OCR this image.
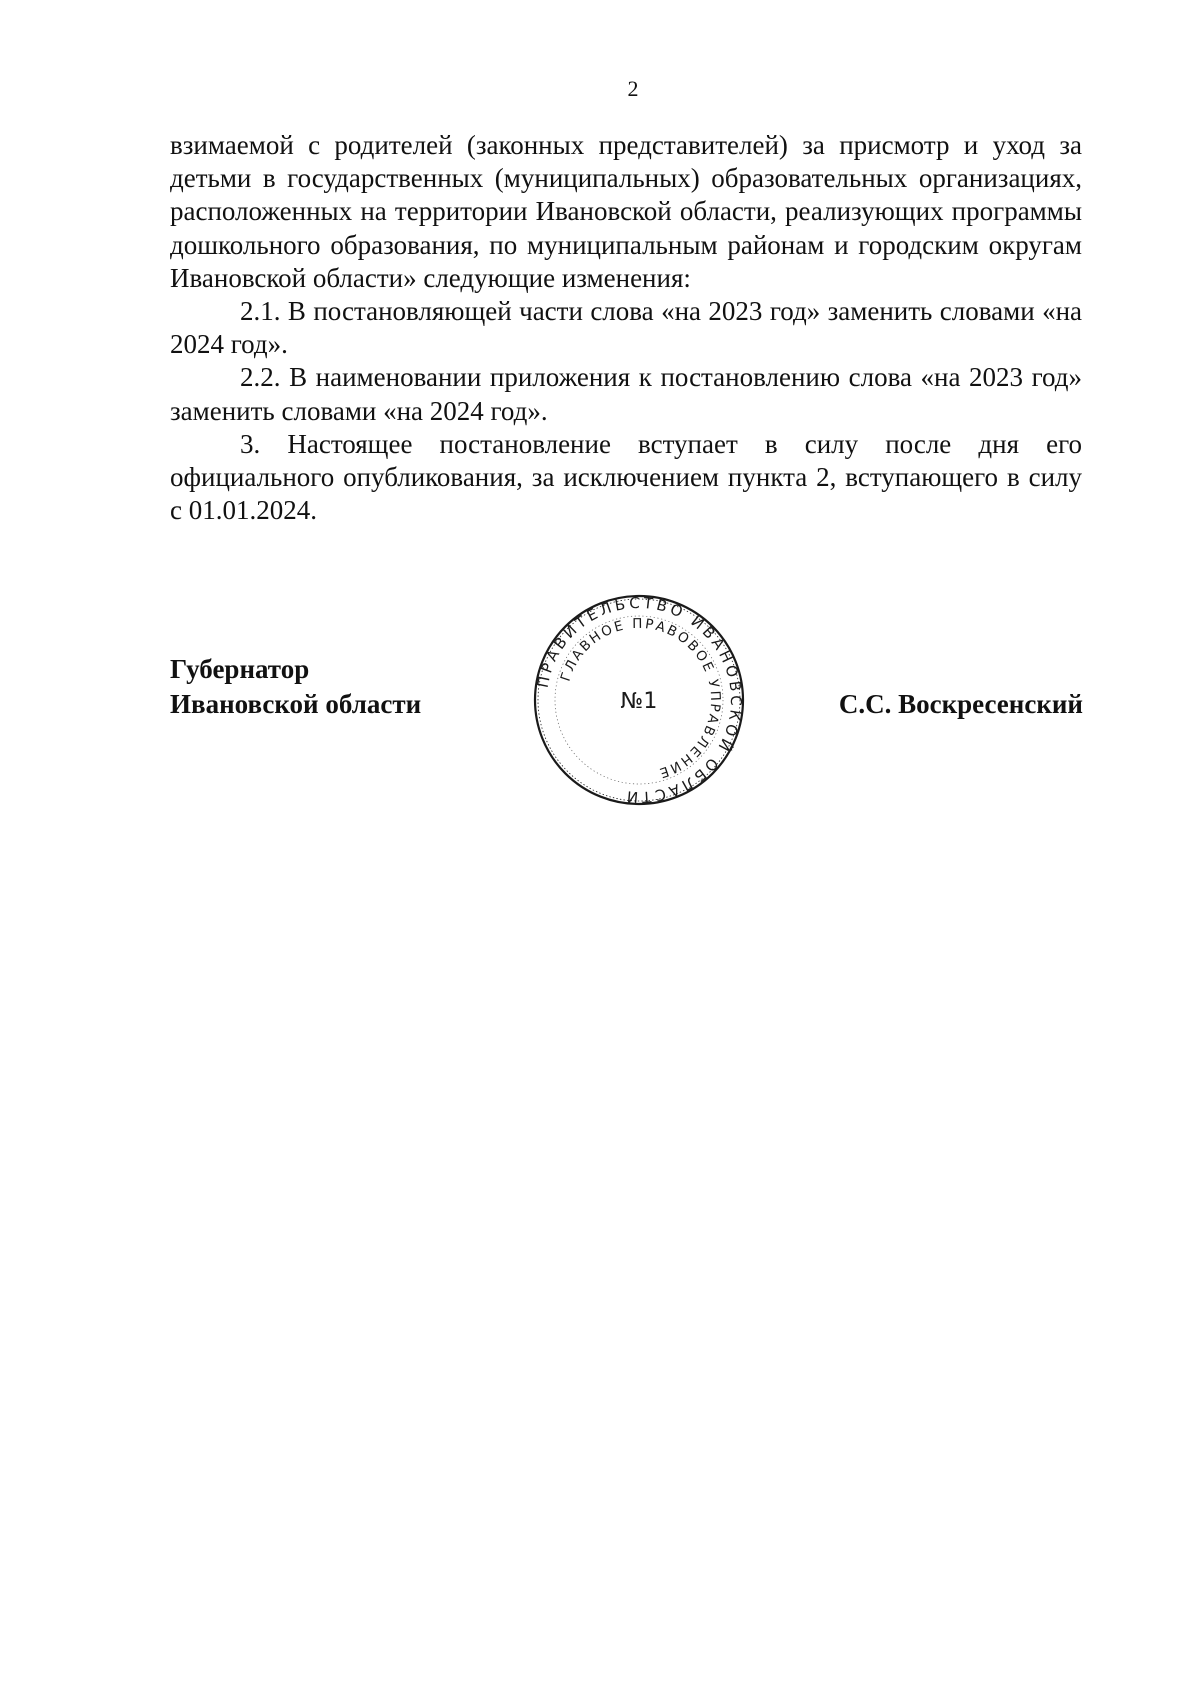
2

взимаемой с родителей (законных представителей) за присмотр и уход за детьми в государственных (муниципальных) образовательных организациях, расположенных на территории Ивановской области, реализующих программы дошкольного образования, по муниципальным районам и городским округам Ивановской области» следующие изменения:

2.1. В постановляющей части слова «на 2023 год» заменить словами «на 2024 год».

2.2. В наименовании приложения к постановлению слова «на 2023 год» заменить словами «на 2024 год».

3. Настоящее постановление вступает в силу после дня его официального опубликования, за исключением пункта 2, вступающего в силу с 01.01.2024.

Губернатор
Ивановской области
ПРАВИТЕЛЬСТВО ИВАНОВСКОЙ ОБЛАСТИ
ГЛАВНОЕ ПРАВОВОЕ УПРАВЛЕНИЕ
№1	С.С. Воскресенский
